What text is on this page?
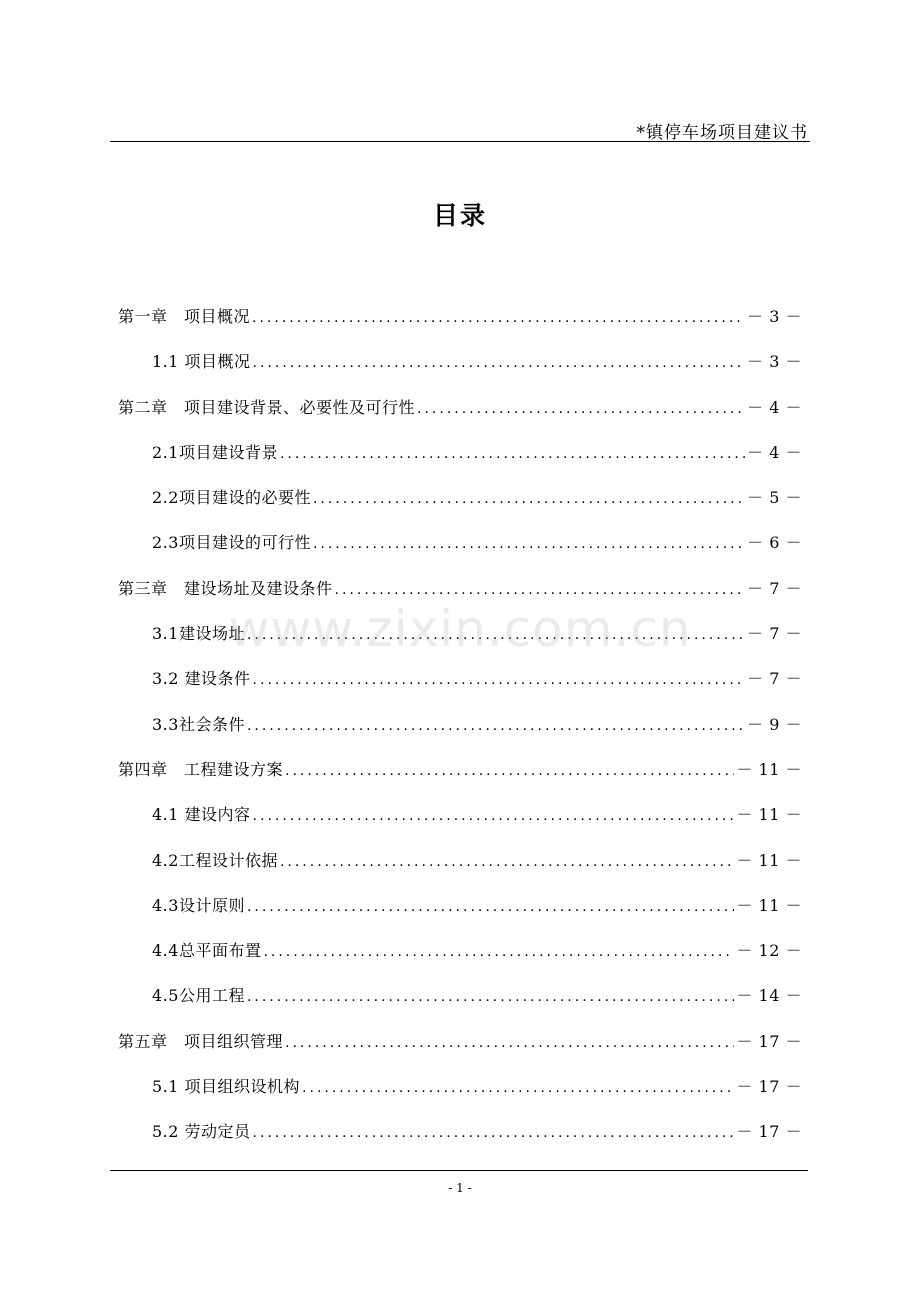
*镇停车场项目建议书
目录
第一章　项目概况 .....	－ 3 －
1.1 项目概况 .....	－ 3 －
第二章　项目建设背景、必要性及可行性 .....	－ 4 －
2.1项目建设背景 .....	－ 4 －
2.2项目建设的必要性 .....	－ 5 －
2.3项目建设的可行性 .....	－ 6 －
第三章　建设场址及建设条件 .....	－ 7 －
3.1建设场址 .....	－ 7 －
3.2 建设条件 .....	－ 7 －
3.3社会条件 .....	－ 9 －
第四章　工程建设方案 .....	－ 11 －
4.1 建设内容 .....	－ 11 －
4.2工程设计依据 .....	－ 11 －
4.3设计原则 .....	－ 11 －
4.4总平面布置 .....	－ 12 －
4.5公用工程 .....	－ 14 －
第五章　项目组织管理 .....	－ 17 －
5.1 项目组织设机构 .....	－ 17 －
5.2 劳动定员 .....	－ 17 －
www.zixin.com.cn
- 1 -
